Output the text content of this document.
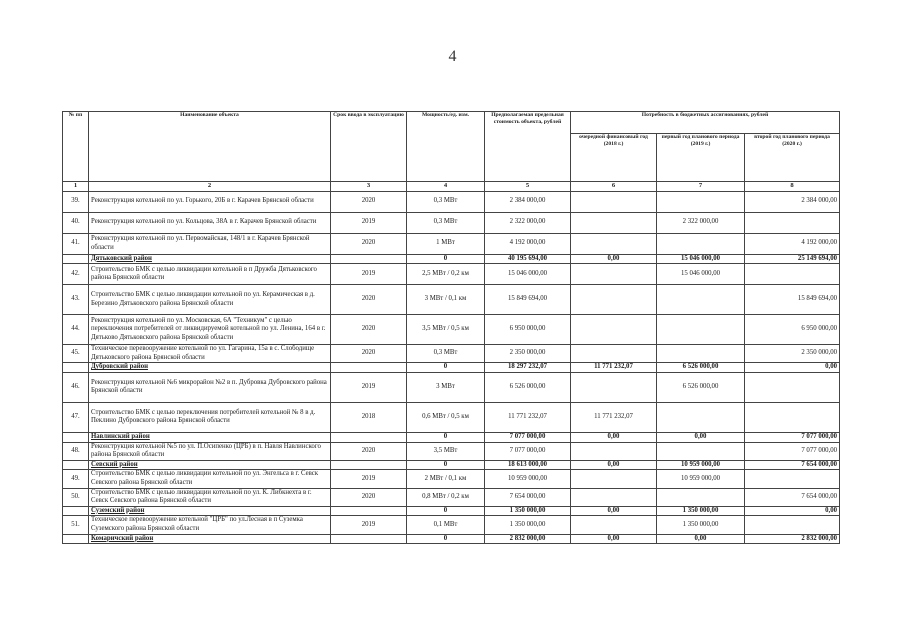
4
№ пп	Наименование объекта	Срок ввода в эксплуатацию	Мощность/ед. изм.	Предполагаемая предельная стоимость объекта, рублей	Потребность в бюджетных ассигнованиях, рублей		
					очередной финансовый год (2018 г.)	первый год планового периода (2019 г.)	второй год планового периода (2020 г.)
1	2	3	4	5	6	7	8
39.	Реконструкция котельной по ул. Горького, 20Б в г. Карачев Брянской области	2020	0,3 МВт	2 384 000,00			2 384 000,00
40.	Реконструкция котельной по ул. Кольцова, 38А в г. Карачев Брянской области	2019	0,3 МВт	2 322 000,00		2 322 000,00	
41.	Реконструкция котельной по ул. Первомайская, 148/1 в г. Карачев Брянской области	2020	1 МВт	4 192 000,00			4 192 000,00
	Дятьковский район		0	40 195 694,00	0,00	15 046 000,00	25 149 694,00
42.	Строительство БМК с целью ликвидации котельной в п Дружба Дятьковского района Брянской области	2019	2,5 МВт / 0,2 км	15 046 000,00		15 046 000,00	
43.	Строительство БМК с целью ликвидации котельной по ул. Керамическая в д. Березино Дятьковского района Брянской области	2020	3 МВт / 0,1 км	15 849 694,00			15 849 694,00
44.	Реконструкция котельной по ул. Московская, 6А "Техникум" с целью переключения потребителей от ликвидируемой котельной по ул. Ленина, 164 в г. Дятьково Дятьковского района Брянской области	2020	3,5 МВт / 0,5 км	6 950 000,00			6 950 000,00
45.	Техническое перевооружение котельной по ул. Гагарина, 15а в с. Слободище Дятьковского района Брянской области	2020	0,3 МВт	2 350 000,00			2 350 000,00
	Дубровский район		0	18 297 232,07	11 771 232,07	6 526 000,00	0,00
46.	Реконструкция котельной №6 микрорайон №2 в п. Дубровка Дубровского района Брянской области	2019	3 МВт	6 526 000,00		6 526 000,00	
47.	Строительство БМК с целью переключения потребителей котельной № 8 в д. Пеклино Дубровского района Брянской области	2018	0,6 МВт / 0,5 км	11 771 232,07	11 771 232,07		
	Навлинский район		0	7 077 000,00	0,00	0,00	7 077 000,00
48.	Реконструкция котельной №5 по ул. П.Осипенко (ЦРБ) в п. Навля Навлинского района Брянской области	2020	3,5 МВт	7 077 000,00			7 077 000,00
	Севский район		0	18 613 000,00	0,00	10 959 000,00	7 654 000,00
49.	Строительство БМК с целью ликвидации котельной по ул. Энгельса в г. Севск Севского района Брянской области	2019	2 МВт / 0,1 км	10 959 000,00		10 959 000,00	
50.	Строительство БМК с целью ликвидации котельной по ул. К. Либкнехта в г. Севск Севского района Брянской области	2020	0,8 МВт / 0,2 км	7 654 000,00			7 654 000,00
	Суземский район		0	1 350 000,00	0,00	1 350 000,00	0,00
51.	Техническое перевооружение котельной "ЦРБ" по ул.Лесная в п Суземка Суземского района Брянской области	2019	0,1 МВт	1 350 000,00		1 350 000,00	
	Комаричский район		0	2 832 000,00	0,00	0,00	2 832 000,00
